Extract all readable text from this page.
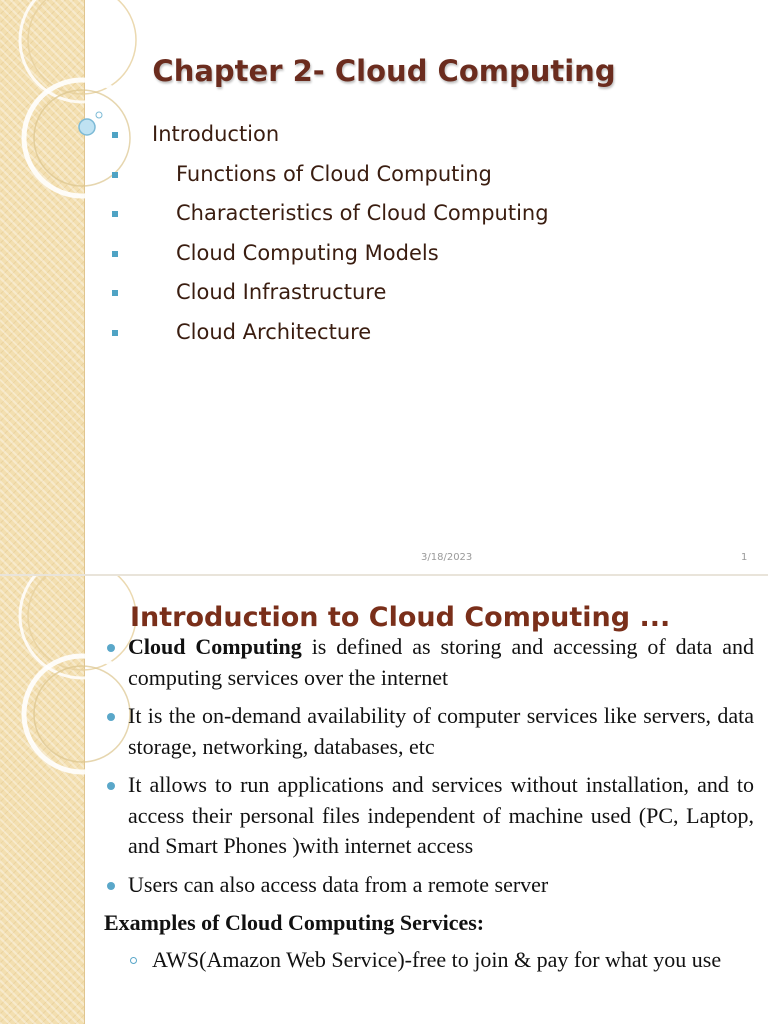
Chapter 2- Cloud Computing
Introduction
Functions of Cloud Computing
Characteristics of Cloud Computing
Cloud Computing Models
Cloud Infrastructure
Cloud Architecture
3/18/2023	1
Introduction to Cloud Computing ...
Cloud Computing is defined as storing and accessing of data and computing services over the internet
It is the on-demand availability of computer services like servers, data storage, networking, databases, etc
It allows to run applications and services without installation, and to access their personal files independent of machine used (PC, Laptop, and Smart Phones )with internet access
Users can also access data from a remote server
Examples of Cloud Computing Services:
AWS(Amazon Web Service)-free to join & pay for what you use
